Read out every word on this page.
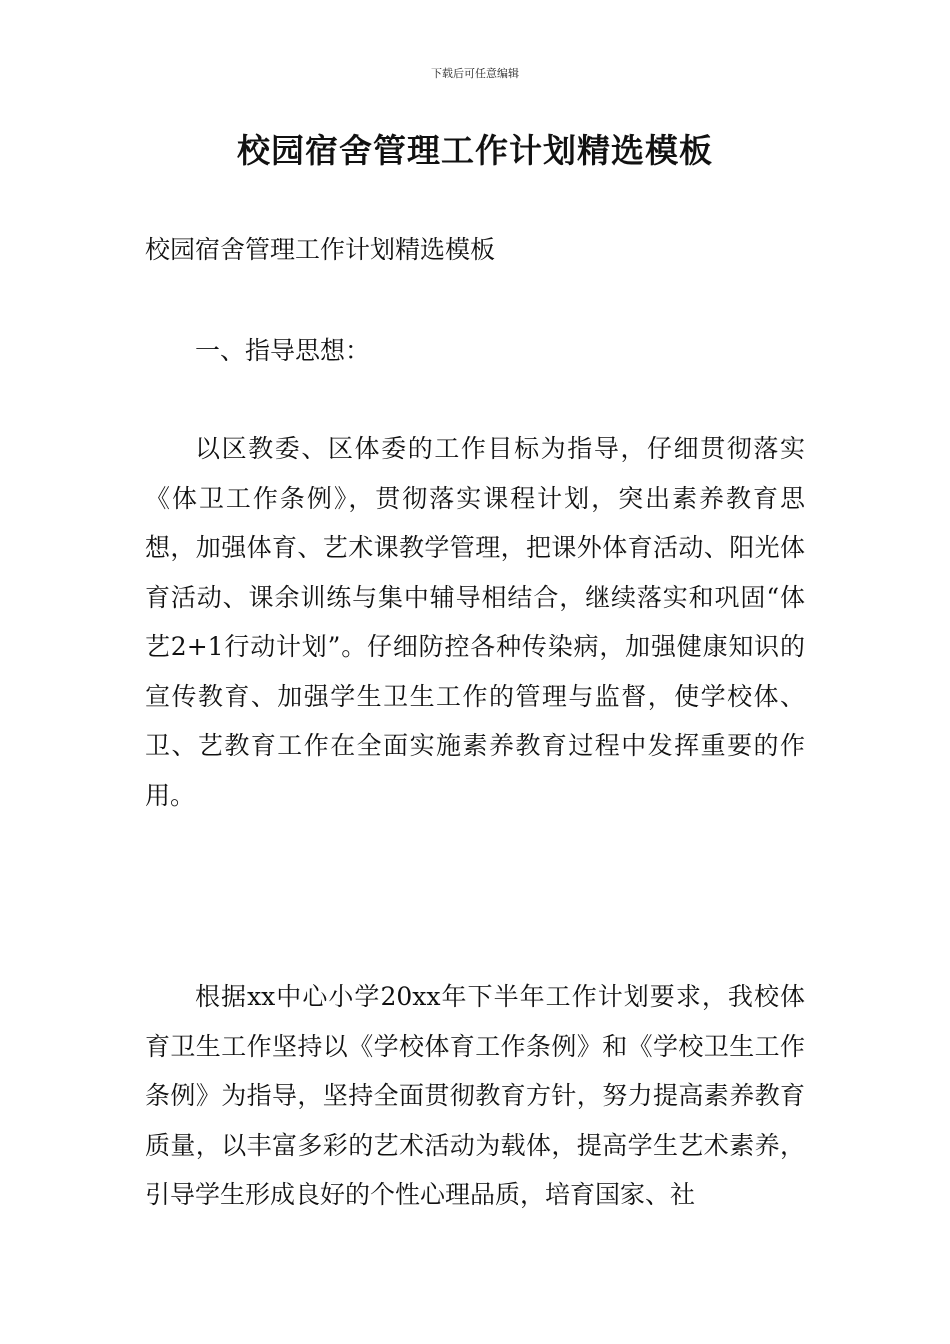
下载后可任意编辑
校园宿舍管理工作计划精选模板

校园宿舍管理工作计划精选模板

一、指导思想：

以区教委、区体委的工作目标为指导，仔细贯彻落实《体卫工作条例》，贯彻落实课程计划，突出素养教育思想，加强体育、艺术课教学管理，把课外体育活动、阳光体育活动、课余训练与集中辅导相结合，继续落实和巩固“体艺2+1行动计划”。仔细防控各种传染病，加强健康知识的宣传教育、加强学生卫生工作的管理与监督，使学校体、卫、艺教育工作在全面实施素养教育过程中发挥重要的作用。

根据xx中心小学20xx年下半年工作计划要求，我校体育卫生工作坚持以《学校体育工作条例》和《学校卫生工作条例》为指导，坚持全面贯彻教育方针，努力提高素养教育质量，以丰富多彩的艺术活动为载体，提高学生艺术素养，引导学生形成良好的个性心理品质，培育国家、社
